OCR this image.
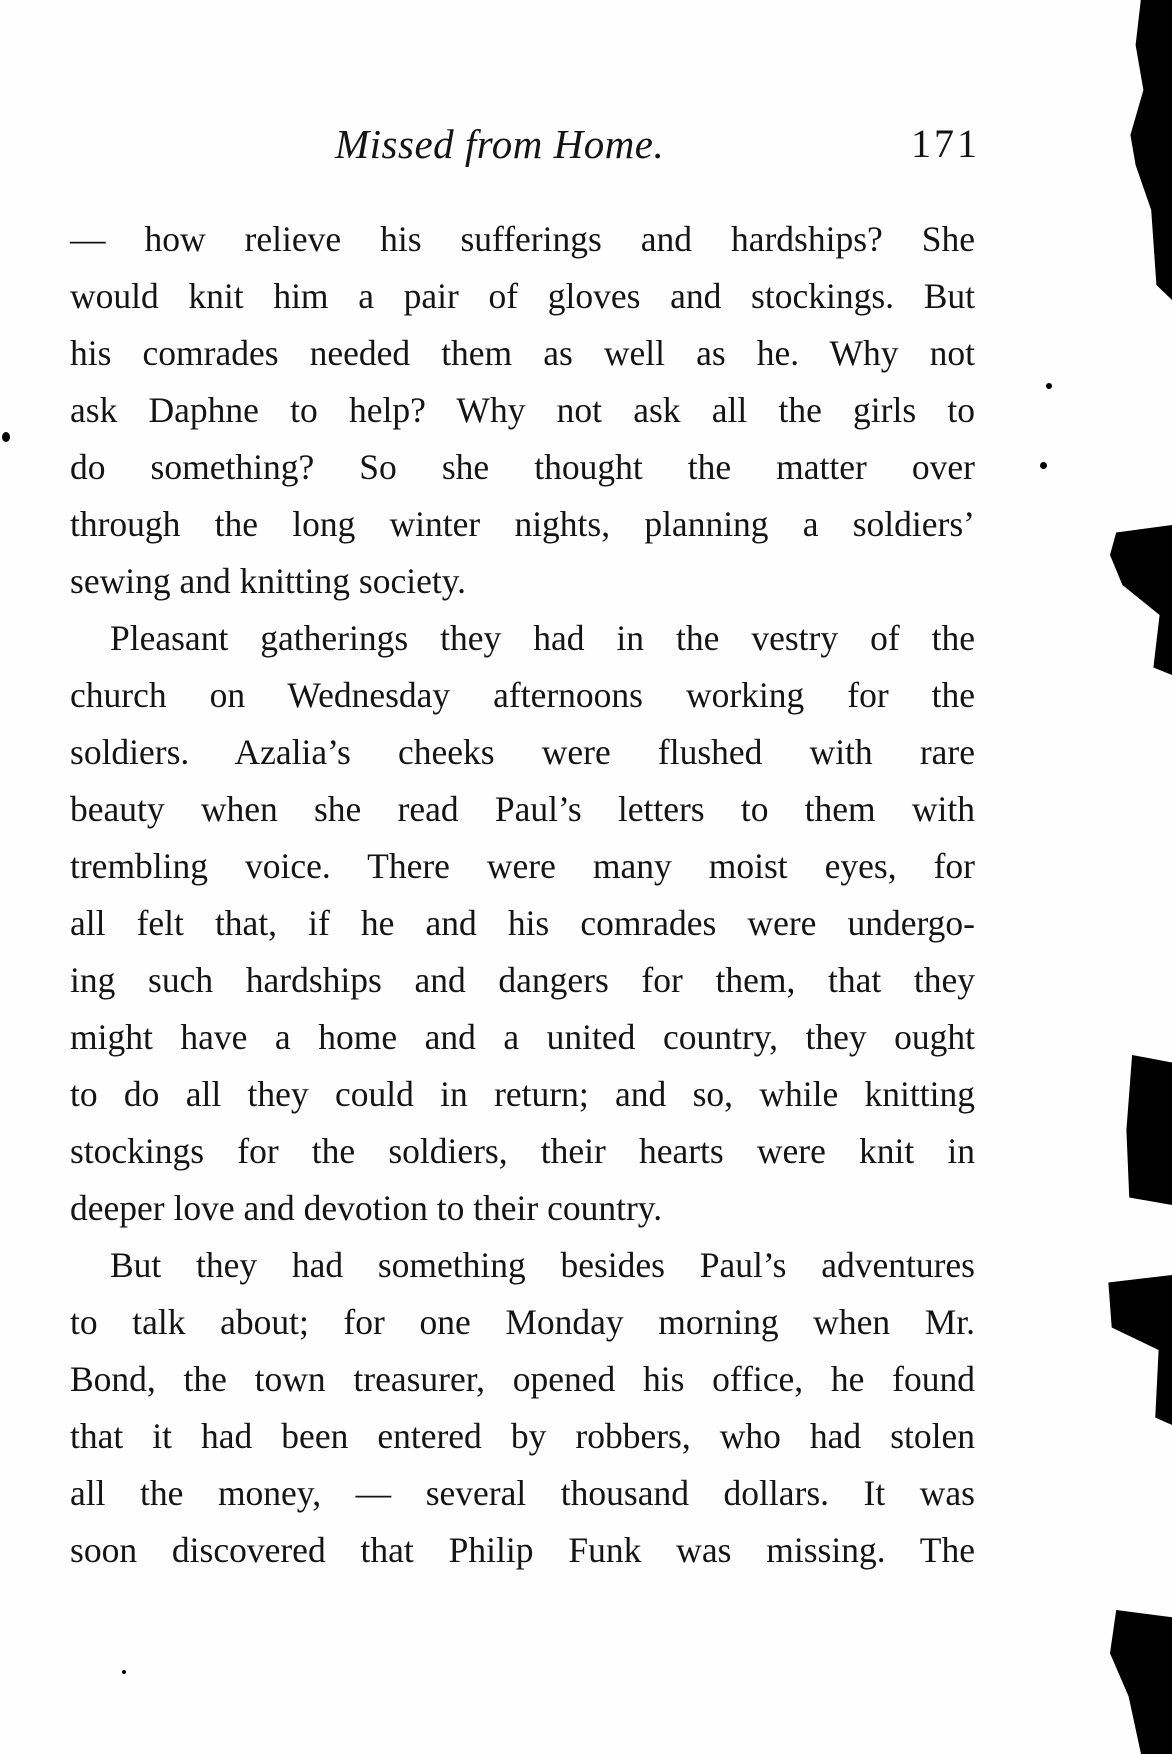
Missed from Home.	171
— how relieve his sufferings and hardships? She
would knit him a pair of gloves and stockings. But
his comrades needed them as well as he. Why not
ask Daphne to help? Why not ask all the girls to
do something? So she thought the matter over
through the long winter nights, planning a soldiers’
sewing and knitting society.
Pleasant gatherings they had in the vestry of the
church on Wednesday afternoons working for the
soldiers. Azalia’s cheeks were flushed with rare
beauty when she read Paul’s letters to them with
trembling voice. There were many moist eyes, for
all felt that, if he and his comrades were undergo-
ing such hardships and dangers for them, that they
might have a home and a united country, they ought
to do all they could in return; and so, while knitting
stockings for the soldiers, their hearts were knit in
deeper love and devotion to their country.
But they had something besides Paul’s adventures
to talk about; for one Monday morning when Mr.
Bond, the town treasurer, opened his office, he found
that it had been entered by robbers, who had stolen
all the money, — several thousand dollars. It was
soon discovered that Philip Funk was missing. The
